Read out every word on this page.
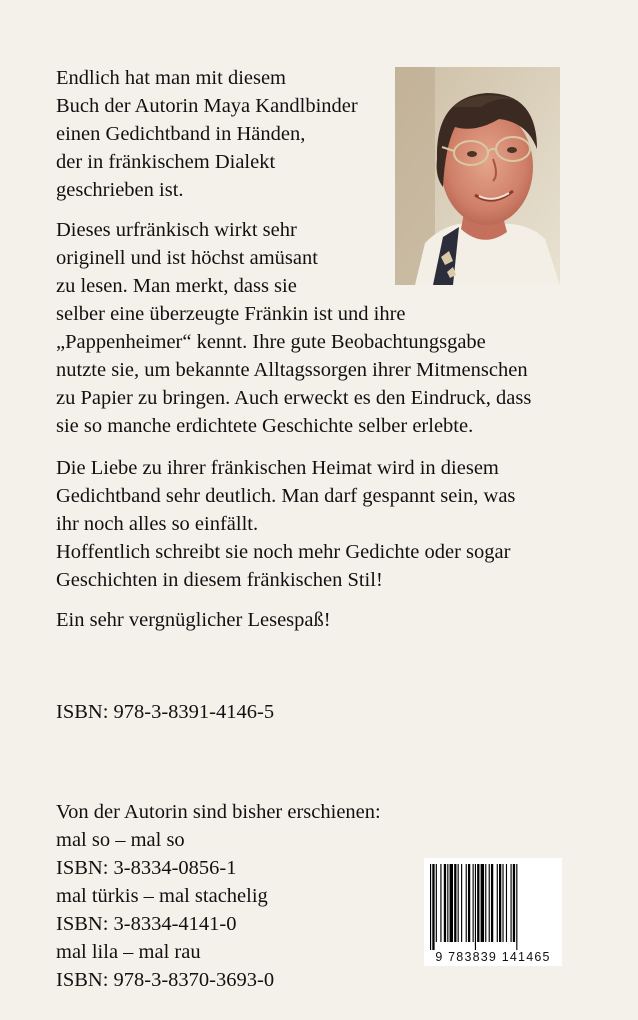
Endlich hat man mit diesem
Buch der Autorin Maya Kandlbinder
einen Gedichtband in Händen,
der in fränkischem Dialekt
geschrieben ist.
Dieses urfränkisch wirkt sehr
originell und ist höchst amüsant
zu lesen. Man merkt, dass sie
selber eine überzeugte Fränkin ist und ihre
„Pappenheimer“ kennt. Ihre gute Beobachtungsgabe
nutzte sie, um bekannte Alltagssorgen ihrer Mitmenschen
zu Papier zu bringen. Auch erweckt es den Eindruck, dass
sie so manche erdichtete Geschichte selber erlebte.
Die Liebe zu ihrer fränkischen Heimat wird in diesem
Gedichtband sehr deutlich. Man darf gespannt sein, was
ihr noch alles so einfällt.
Hoffentlich schreibt sie noch mehr Gedichte oder sogar
Geschichten in diesem fränkischen Stil!
Ein sehr vergnüglicher Lesespaß!
ISBN: 978-3-8391-4146-5
Von der Autorin sind bisher erschienen:
mal so – mal so
ISBN: 3-8334-0856-1
mal türkis – mal stachelig
ISBN: 3-8334-4141-0
mal lila – mal rau
ISBN: 978-3-8370-3693-0
9 783839 141465
